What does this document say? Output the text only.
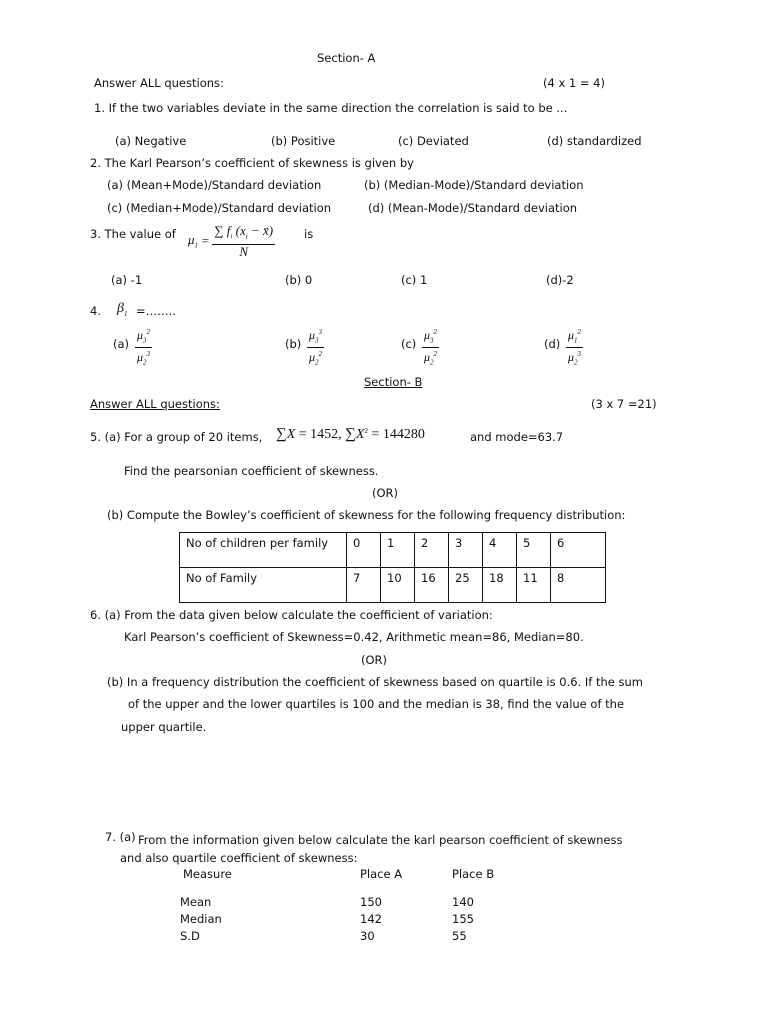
Section- A
Answer ALL questions:	(4 x 1 = 4)
1. If the two variables deviate in the same direction the correlation is said to be ...
(a) Negative	(b) Positive	(c) Deviated	(d) standardized
2. The Karl Pearson’s coefficient of skewness is given by
(a) (Mean+Mode)/Standard deviation	(b) (Median-Mode)/Standard deviation
(c) (Median+Mode)/Standard deviation	(d) (Mean-Mode)/Standard deviation
3. The value of $\mu_1 = \frac{\sum f_i (x_i - x̄)}{N}$	is
(a) -1	(b) 0	(c) 1	(d)-2
4. $\beta_1$ =……..
$(a) \frac{\mu_3^2}{\mu_2^3}$	$(b) \frac{\mu_3^3}{\mu_2^2}$	$(c) \frac{\mu_3^2}{\mu_2^2}$	$(d) \frac{\mu_1^2}{\mu_2^3}$
Section- B
Answer ALL questions:	(3 x 7 =21)
5. (a) For a group of 20 items, ∑X = 1452, $\sum X^2 = 144280$	and mode=63.7
Find the pearsonian coefficient of skewness.
(OR)
(b) Compute the Bowley’s coefficient of skewness for the following frequency distribution:
No of children per family	0	1	2	3	4	5	6
No of Family	7	10	16	25	18	11	8
6. (a) From the data given below calculate the coefficient of variation:
Karl Pearson’s coefficient of Skewness=0.42, Arithmetic mean=86, Median=80.
(OR)
(b) In a frequency distribution the coefficient of skewness based on quartile is 0.6. If the sum
of the upper and the lower quartiles is 100 and the median is 38, find the value of the
upper quartile.
7. (a) From the information given below calculate the karl pearson coefficient of skewness
and also quartile coefficient of skewness:
Measure	Place A	Place B
Mean	150	140
Median	142	155
S.D	30	55
